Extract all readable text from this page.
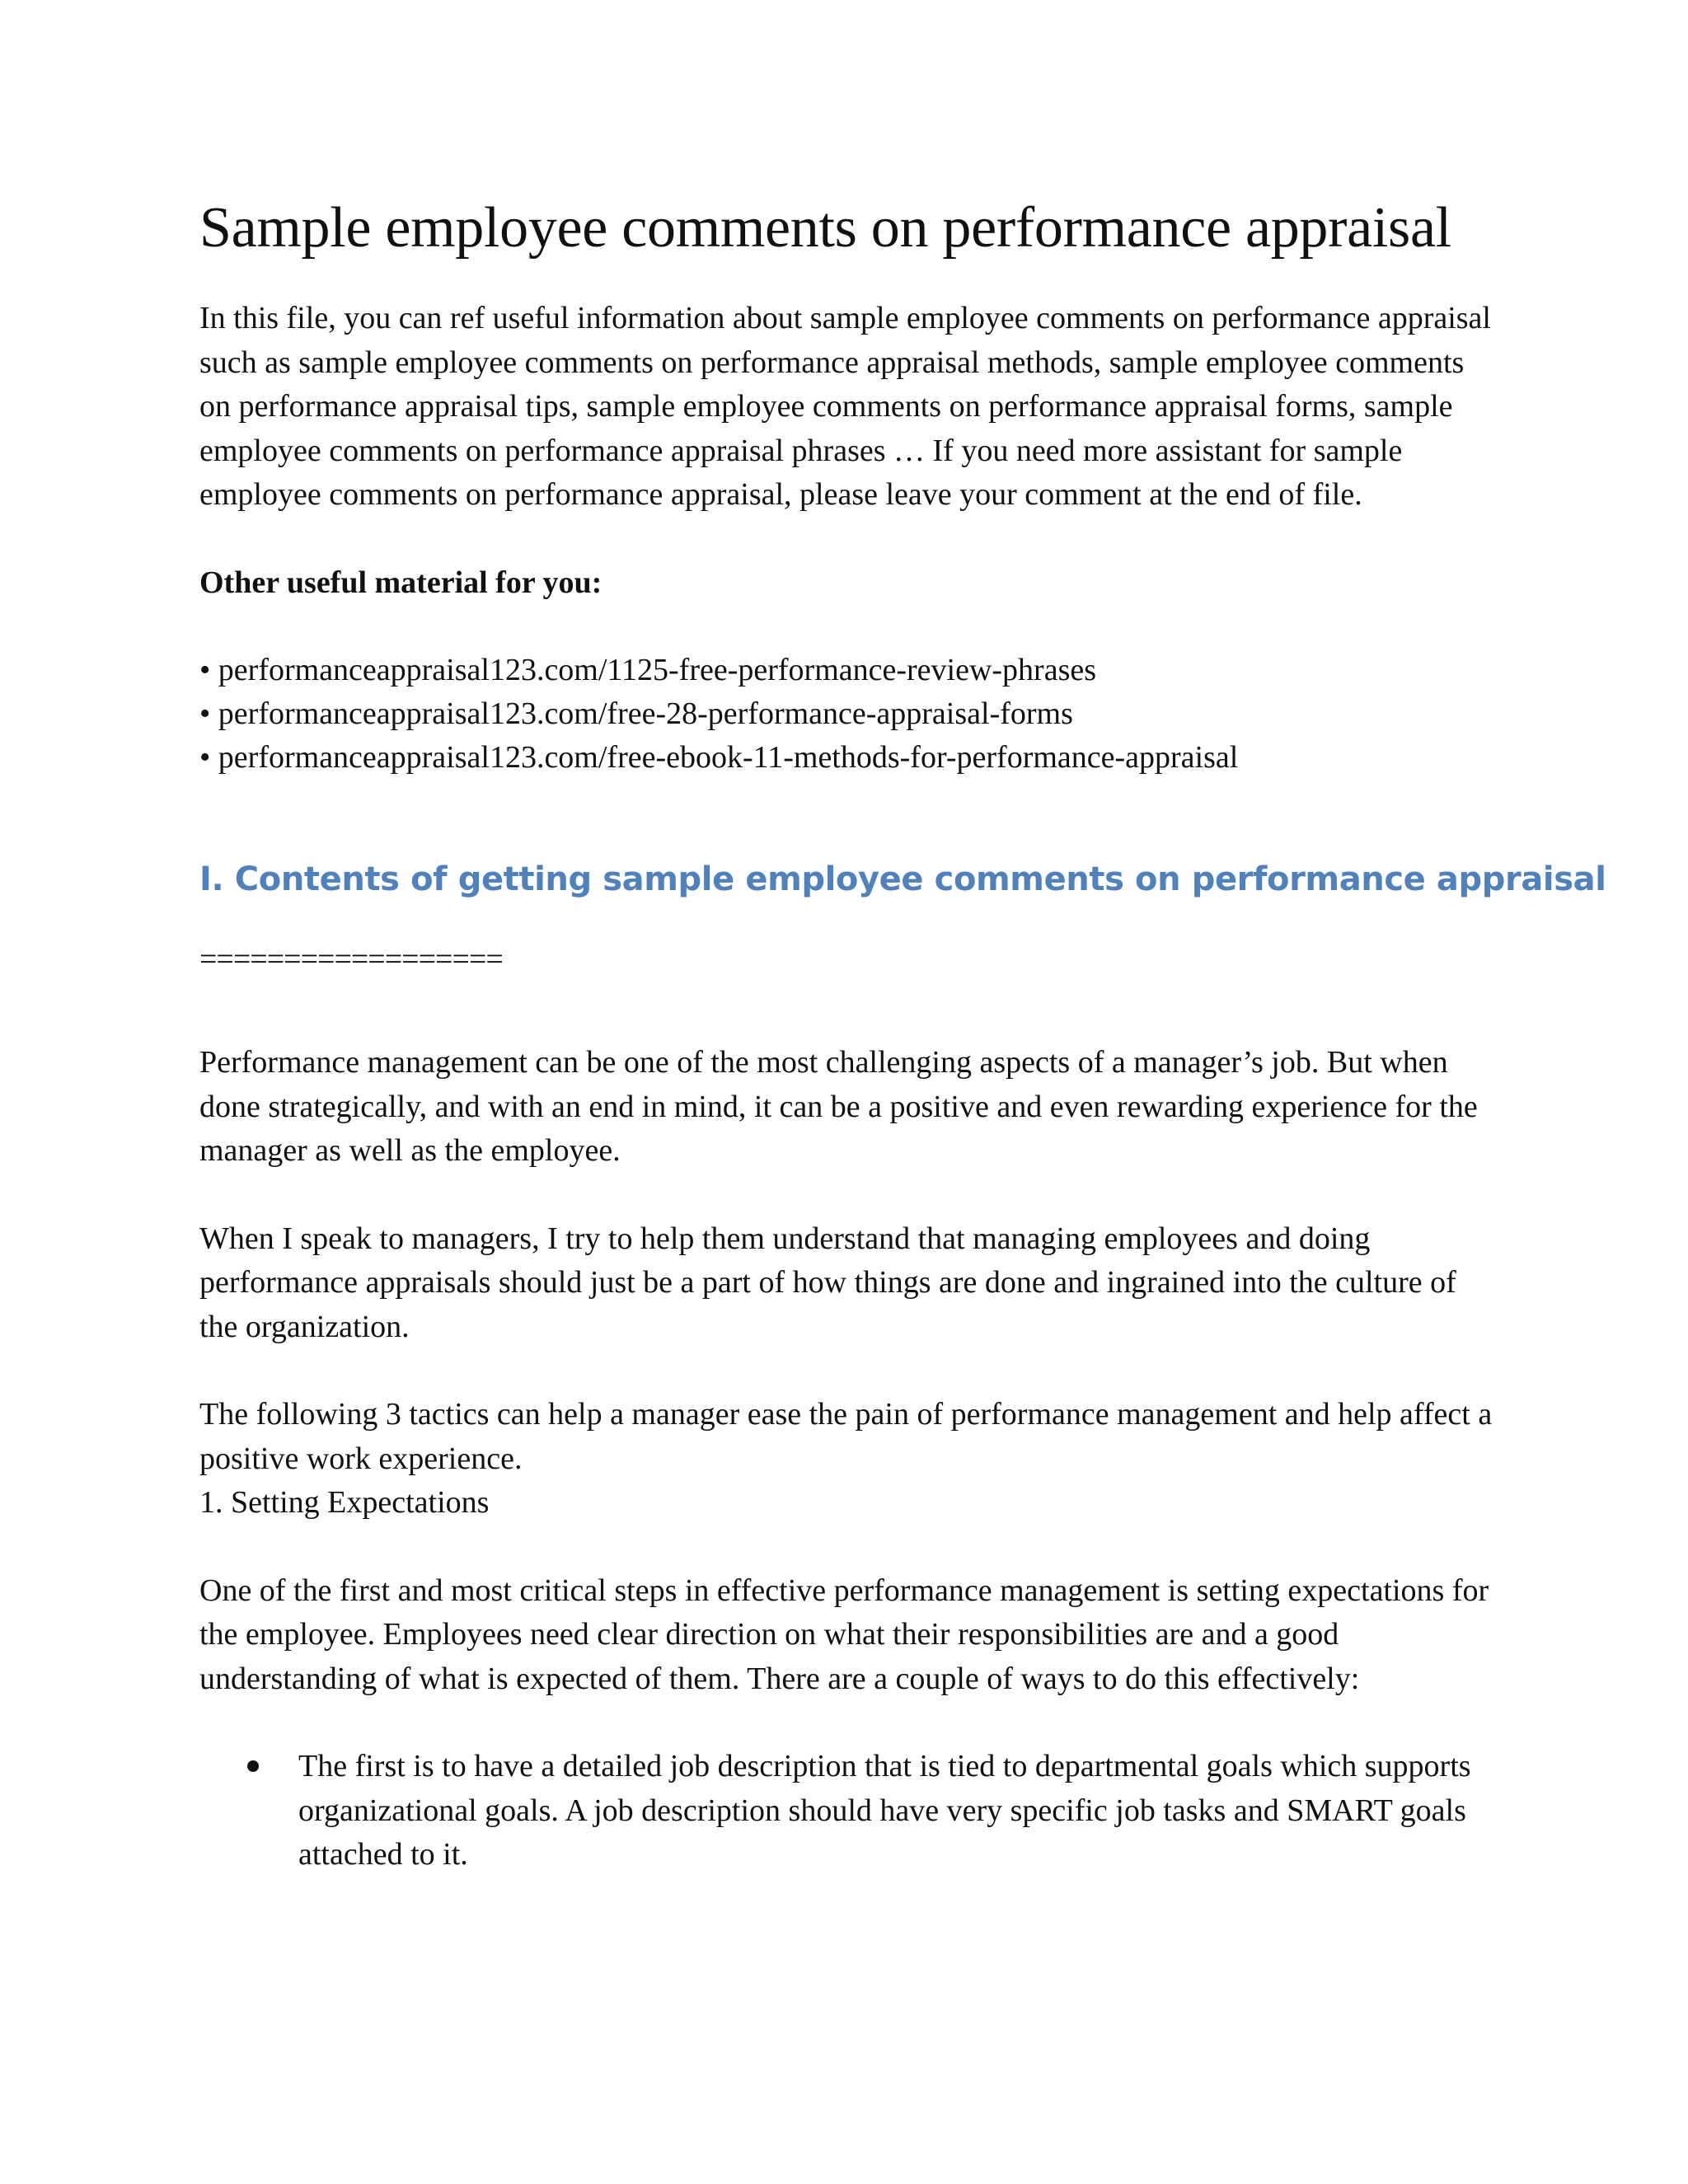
Sample employee comments on performance appraisal

In this file, you can ref useful information about sample employee comments on performance appraisal such as sample employee comments on performance appraisal methods, sample employee comments on performance appraisal tips, sample employee comments on performance appraisal forms, sample employee comments on performance appraisal phrases … If you need more assistant for sample employee comments on performance appraisal, please leave your comment at the end of file.

Other useful material for you:

• performanceappraisal123.com/1125-free-performance-review-phrases
• performanceappraisal123.com/free-28-performance-appraisal-forms
• performanceappraisal123.com/free-ebook-11-methods-for-performance-appraisal
I. Contents of getting sample employee comments on performance appraisal
==================

Performance management can be one of the most challenging aspects of a manager’s job. But when done strategically, and with an end in mind, it can be a positive and even rewarding experience for the manager as well as the employee.

When I speak to managers, I try to help them understand that managing employees and doing performance appraisals should just be a part of how things are done and ingrained into the culture of the organization.

The following 3 tactics can help a manager ease the pain of performance management and help affect a positive work experience.

1. Setting Expectations

One of the first and most critical steps in effective performance management is setting expectations for the employee. Employees need clear direction on what their responsibilities are and a good understanding of what is expected of them. There are a couple of ways to do this effectively:

The first is to have a detailed job description that is tied to departmental goals which supports organizational goals. A job description should have very specific job tasks and SMART goals attached to it.
